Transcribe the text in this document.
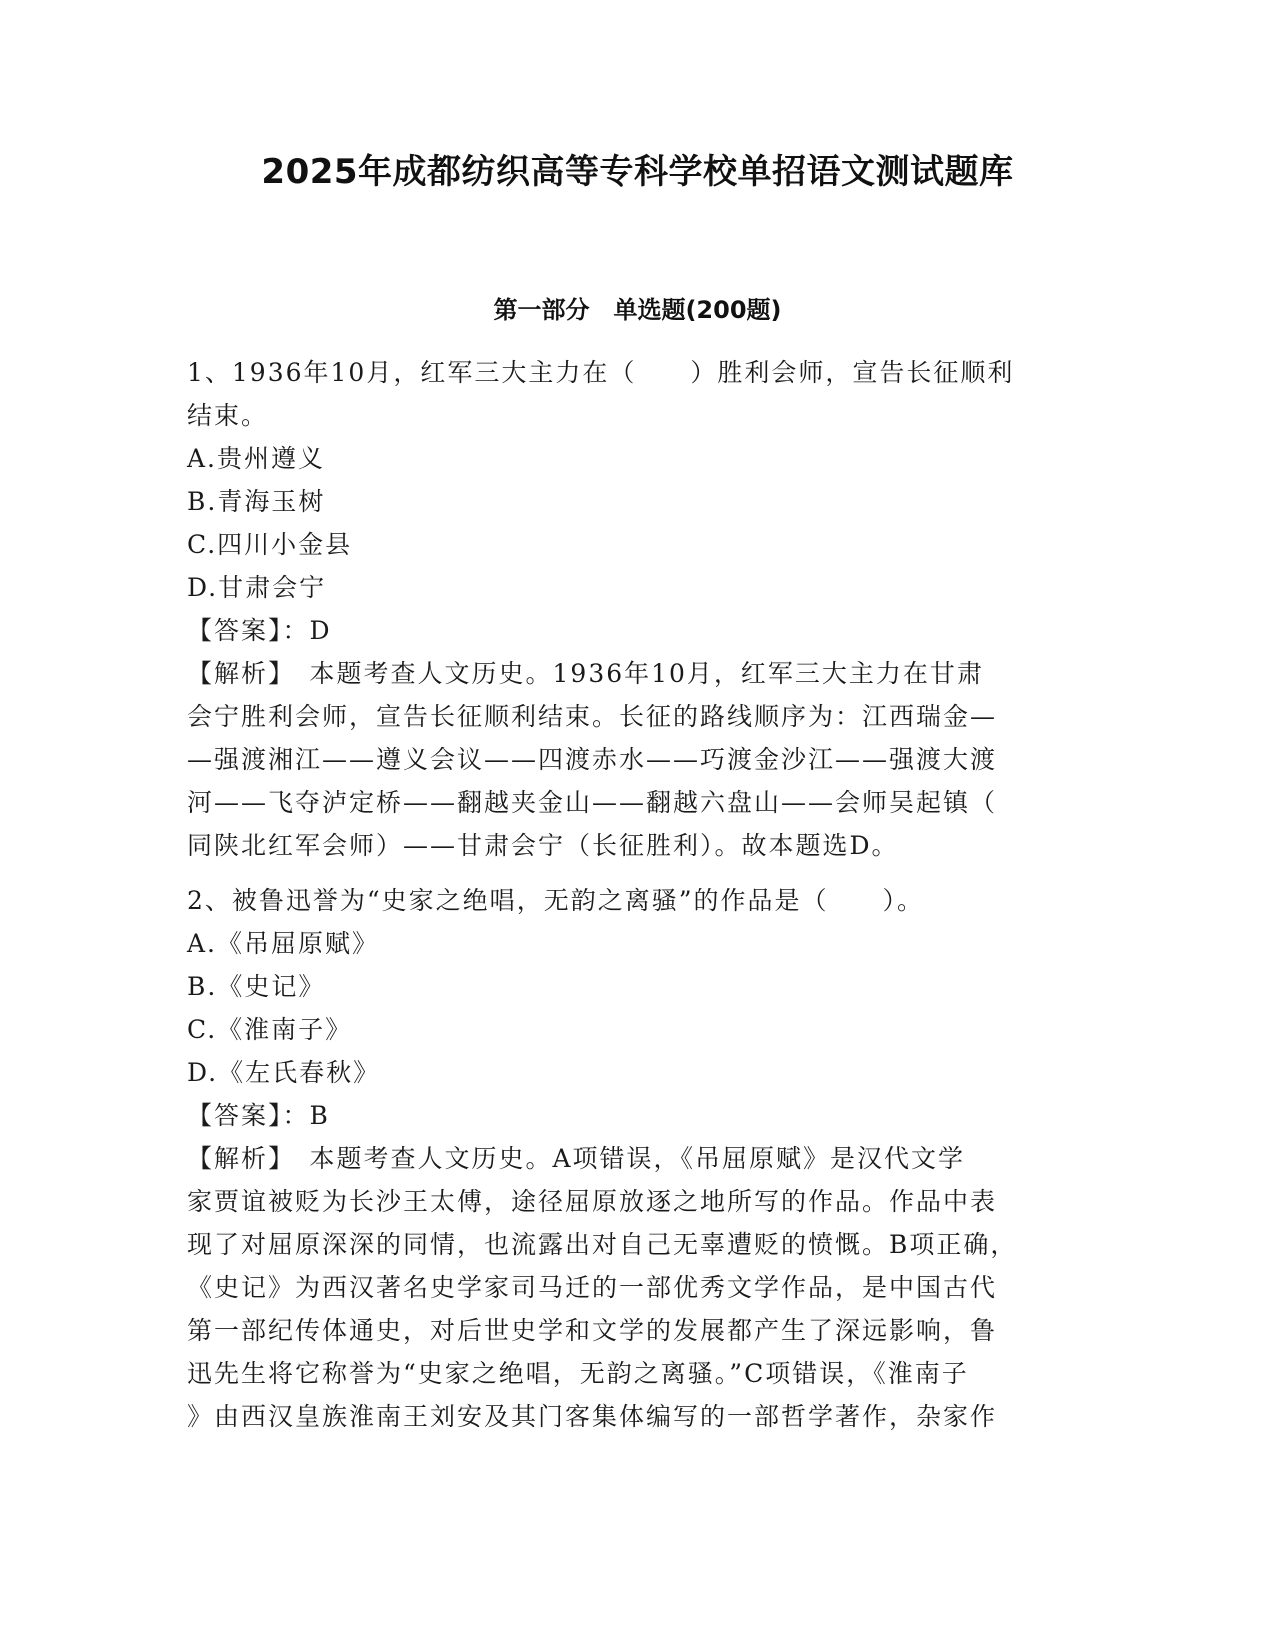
2025年成都纺织高等专科学校单招语文测试题库
第一部分　单选题(200题)
1、1936年10月，红军三大主力在（　　）胜利会师，宣告长征顺利
结束。
A.贵州遵义
B.青海玉树
C.四川小金县
D.甘肃会宁
【答案】：D
【解析】　本题考查人文历史。1936年10月，红军三大主力在甘肃
会宁胜利会师，宣告长征顺利结束。长征的路线顺序为：江西瑞金—
—强渡湘江——遵义会议——四渡赤水——巧渡金沙江——强渡大渡
河——飞夺泸定桥——翻越夹金山——翻越六盘山——会师吴起镇（
同陕北红军会师）——甘肃会宁（长征胜利）。故本题选D。
2、被鲁迅誉为“史家之绝唱，无韵之离骚”的作品是（　　）。
A.《吊屈原赋》
B.《史记》
C.《淮南子》
D.《左氏春秋》
【答案】：B
【解析】　本题考查人文历史。A项错误，《吊屈原赋》是汉代文学
家贾谊被贬为长沙王太傅，途径屈原放逐之地所写的作品。作品中表
现了对屈原深深的同情，也流露出对自己无辜遭贬的愤慨。B项正确，
《史记》为西汉著名史学家司马迁的一部优秀文学作品，是中国古代
第一部纪传体通史，对后世史学和文学的发展都产生了深远影响，鲁
迅先生将它称誉为“史家之绝唱，无韵之离骚。”C项错误，《淮南子
》由西汉皇族淮南王刘安及其门客集体编写的一部哲学著作，杂家作
